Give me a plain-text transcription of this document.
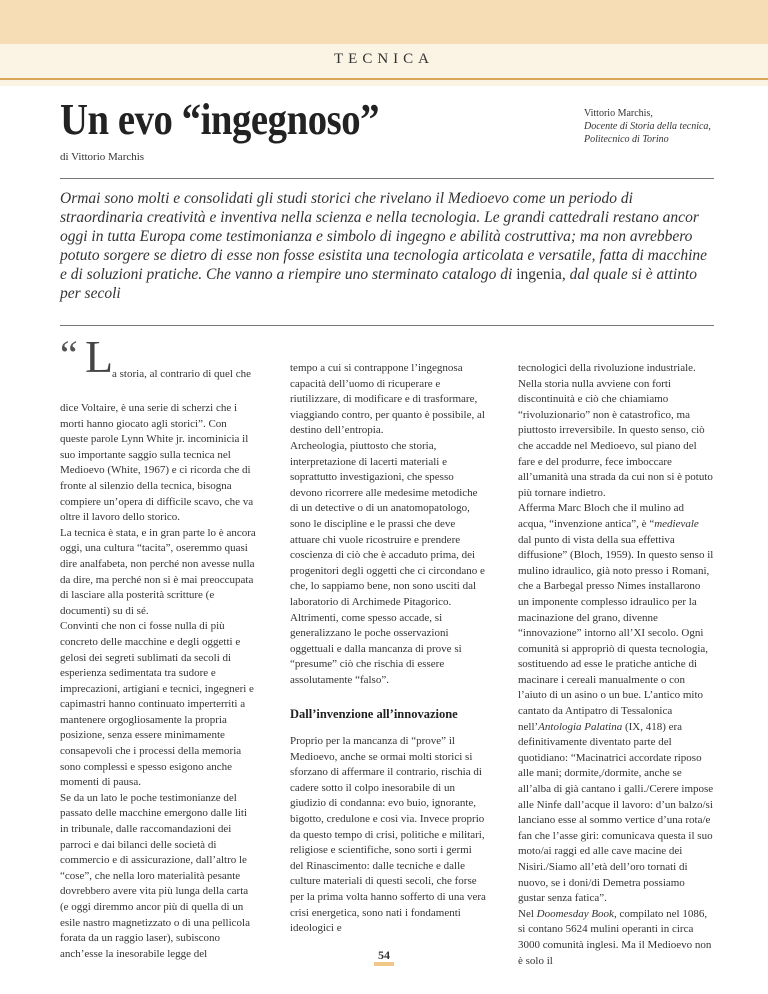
TECNICA
Un evo “ingegnoso”	Vittorio Marchis,
Docente di Storia della tecnica,
Politecnico di Torino
di Vittorio Marchis
Ormai sono molti e consolidati gli studi storici che rivelano il Medioevo come un periodo di straordinaria creatività e inventiva nella scienza e nella tecnologia. Le grandi cattedrali restano ancor oggi in tutta Europa come testimonianza e simbolo di ingegno e abilità costruttiva; ma non avrebbero potuto sorgere se dietro di esse non fosse esistita una tecnologia articolata e versatile, fatta di macchine e di soluzioni pratiche. Che vanno a riempire uno sterminato catalogo di ingenia, dal quale si è attinto per secoli
“ L
a storia, al contrario di quel che

dice Voltaire, è una serie di scherzi che i morti hanno giocato agli storici”. Con queste parole Lynn White jr. incominicia il suo importante saggio sulla tecnica nel Medioevo (White, 1967) e ci ricorda che di fronte al silenzio della tecnica, bisogna compiere un’opera di difficile scavo, che va oltre il lavoro dello storico.

La tecnica è stata, e in gran parte lo è ancora oggi, una cultura “tacita”, oseremmo quasi dire analfabeta, non perché non avesse nulla da dire, ma perché non si è mai preoccupata di lasciare alla posterità scritture (e documenti) su di sé.

Convinti che non ci fosse nulla di più concreto delle macchine e degli oggetti e gelosi dei segreti sublimati da secoli di esperienza sedimentata tra sudore e imprecazioni, artigiani e tecnici, ingegneri e capimastri hanno continuato imperterriti a mantenere orgogliosamente la propria posizione, senza essere minimamente consapevoli che i processi della memoria sono complessi e spesso esigono anche momenti di pausa.

Se da un lato le poche testimonianze del passato delle macchine emergono dalle liti in tribunale, dalle raccomandazioni dei parroci e dai bilanci delle società di commercio e di assicurazione, dall’altro le “cose”, che nella loro materialità pesante dovrebbero avere vita più lunga della carta (e oggi diremmo ancor più di quella di un esile nastro magnetizzato o di una pellicola forata da un raggio laser), subiscono anch’esse la inesorabile legge del

tempo a cui si contrappone l’ingegnosa capacità dell’uomo di ricuperare e riutilizzare, di modificare e di trasformare, viaggiando contro, per quanto è possibile, al destino dell’entropia.

Archeologia, piuttosto che storia, interpretazione di lacerti materiali e soprattutto investigazioni, che spesso devono ricorrere alle medesime metodiche di un detective o di un anatomopatologo, sono le discipline e le prassi che deve attuare chi vuole ricostruire e prendere coscienza di ciò che è accaduto prima, dei progenitori degli oggetti che ci circondano e che, lo sappiamo bene, non sono usciti dal laboratorio di Archimede Pitagorico. Altrimenti, come spesso accade, si generalizzano le poche osservazioni oggettuali e dalla mancanza di prove si “presume” ciò che rischia di essere assolutamente “falso”.

Dall’invenzione all’innovazione

Proprio per la mancanza di “prove” il Medioevo, anche se ormai molti storici si sforzano di affermare il contrario, rischia di cadere sotto il colpo inesorabile di un giudizio di condanna: evo buio, ignorante, bigotto, credulone e così via. Invece proprio da questo tempo di crisi, politiche e militari, religiose e scientifiche, sono sorti i germi del Rinascimento: dalle tecniche e dalle culture materiali di questi secoli, che forse per la prima volta hanno sofferto di una vera crisi energetica, sono nati i fondamenti ideologici e

tecnologici della rivoluzione industriale. Nella storia nulla avviene con forti discontinuità e ciò che chiamiamo “rivoluzionario” non è catastrofico, ma piuttosto irreversibile. In questo senso, ciò che accadde nel Medioevo, sul piano del fare e del produrre, fece imboccare all’umanità una strada da cui non si è potuto più tornare indietro.

Afferma Marc Bloch che il mulino ad acqua, “invenzione antica”, è “medievale dal punto di vista della sua effettiva diffusione” (Bloch, 1959). In questo senso il mulino idraulico, già noto presso i Romani, che a Barbegal presso Nimes installarono un imponente complesso idraulico per la macinazione del grano, divenne “innovazione” intorno all’XI secolo. Ogni comunità si appropriò di questa tecnologia, sostituendo ad esse le pratiche antiche di macinare i cereali manualmente o con l’aiuto di un asino o un bue. L’antico mito cantato da Antipatro di Tessalonica nell’Antologia Palatina (IX, 418) era definitivamente diventato parte del quotidiano: “Macinatrici accordate riposo alle mani; dormite,/dormite, anche se all’alba di già cantano i galli./Cerere impose alle Ninfe dall’acque il lavoro: d’un balzo/si lanciano esse al sommo vertice d’una rota/e fan che l’asse giri: comunicava questa il suo moto/ai raggi ed alle cave macine dei Nisìri./Siamo all’età dell’oro tornati di nuovo, se i doni/di Demetra possiamo gustar senza fatica”.

Nel Doomesday Book, compilato nel 1086, si contano 5624 mulini operanti in circa 3000 comunità inglesi. Ma il Medioevo non è solo il

54
